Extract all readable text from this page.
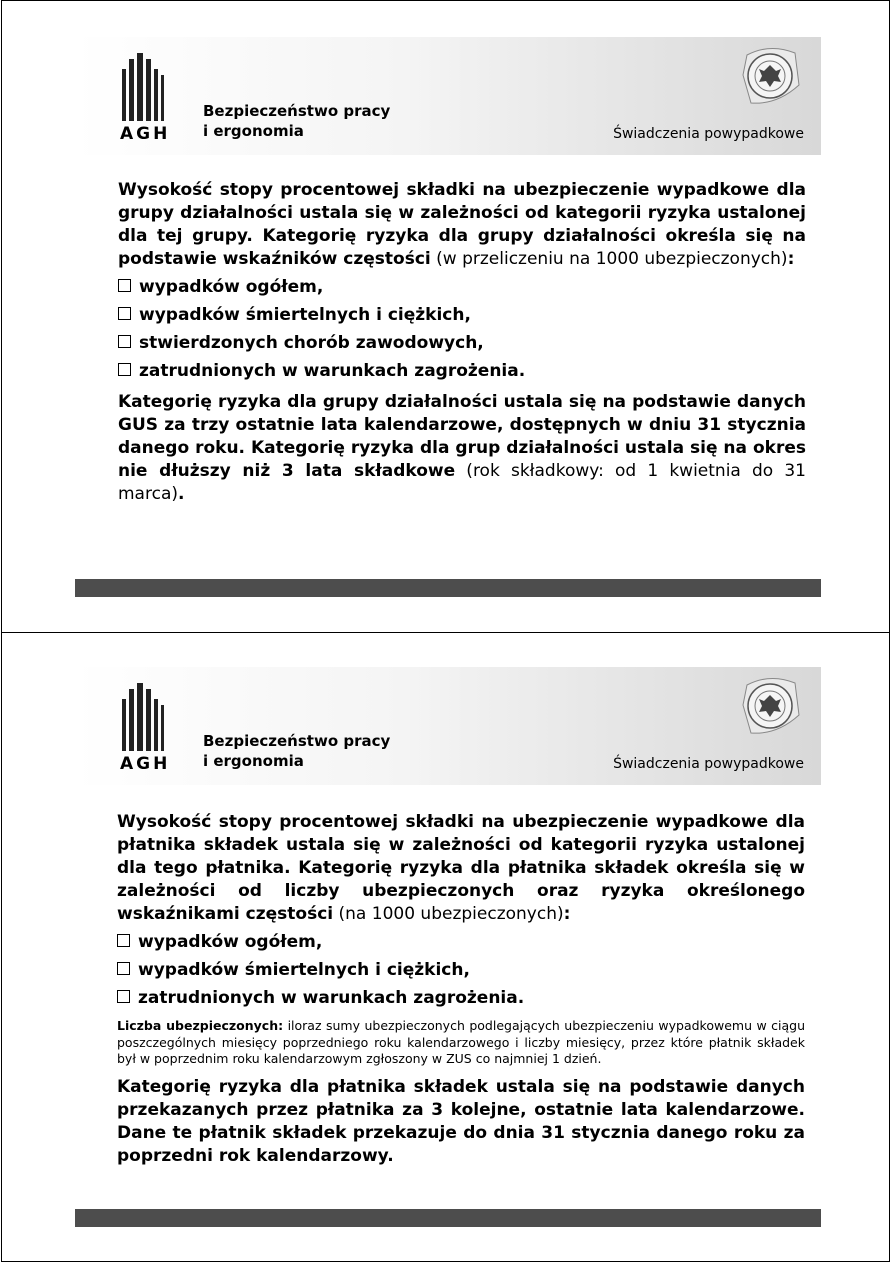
AGH
Bezpieczeństwo pracy
i ergonomia	Świadczenia powypadkowe

Wysokość stopy procentowej składki na ubezpieczenie wypadkowe dla grupy działalności ustala się w zależności od kategorii ryzyka ustalonej dla tej grupy. Kategorię ryzyka dla grupy działalności określa się na podstawie wskaźników częstości (w przeliczeniu na 1000 ubezpieczonych):

wypadków ogółem,
wypadków śmiertelnych i ciężkich,
stwierdzonych chorób zawodowych,
zatrudnionych w warunkach zagrożenia.

Kategorię ryzyka dla grupy działalności ustala się na podstawie danych GUS za trzy ostatnie lata kalendarzowe, dostępnych w dniu 31 stycznia danego roku. Kategorię ryzyka dla grup działalności ustala się na okres nie dłuższy niż 3 lata składkowe (rok składkowy: od 1 kwietnia do 31 marca).

AGH
Bezpieczeństwo pracy
i ergonomia	Świadczenia powypadkowe

Wysokość stopy procentowej składki na ubezpieczenie wypadkowe dla płatnika składek ustala się w zależności od kategorii ryzyka ustalonej dla tego płatnika. Kategorię ryzyka dla płatnika składek określa się w zależności od liczby ubezpieczonych oraz ryzyka określonego wskaźnikami częstości (na 1000 ubezpieczonych):

wypadków ogółem,
wypadków śmiertelnych i ciężkich,
zatrudnionych w warunkach zagrożenia.

Liczba ubezpieczonych: iloraz sumy ubezpieczonych podlegających ubezpieczeniu wypadkowemu w ciągu poszczególnych miesięcy poprzedniego roku kalendarzowego i liczby miesięcy, przez które płatnik składek był w poprzednim roku kalendarzowym zgłoszony w ZUS co najmniej 1 dzień.

Kategorię ryzyka dla płatnika składek ustala się na podstawie danych przekazanych przez płatnika za 3 kolejne, ostatnie lata kalendarzowe. Dane te płatnik składek przekazuje do dnia 31 stycznia danego roku za poprzedni rok kalendarzowy.
